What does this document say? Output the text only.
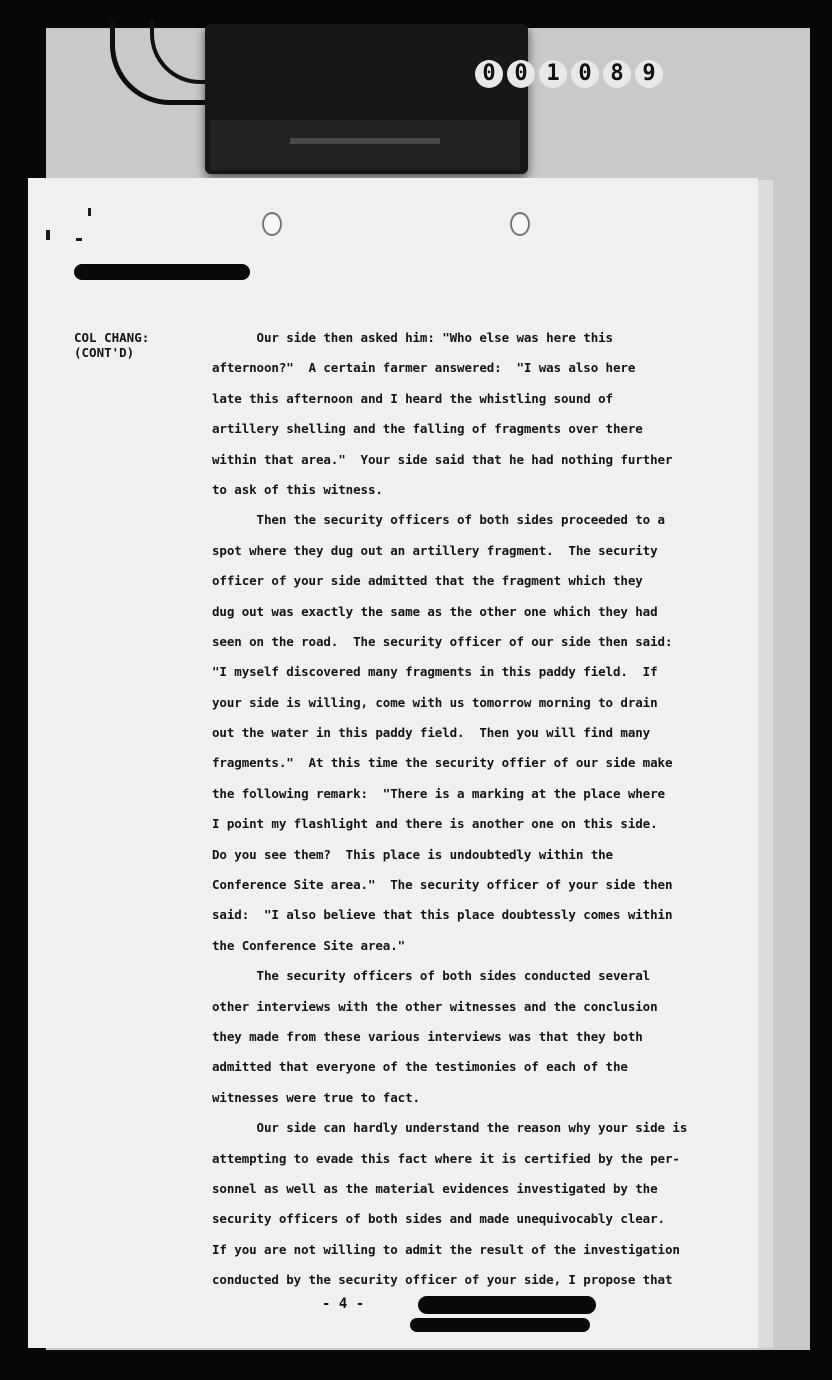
0 0 1 0 8 9
COL CHANG:
(CONT'D)
Our side then asked him: "Who else was here this
afternoon?"  A certain farmer answered:  "I was also here
late this afternoon and I heard the whistling sound of
artillery shelling and the falling of fragments over there
within that area."  Your side said that he had nothing further
to ask of this witness.
Then the security officers of both sides proceeded to a
spot where they dug out an artillery fragment.  The security
officer of your side admitted that the fragment which they
dug out was exactly the same as the other one which they had
seen on the road.  The security officer of our side then said:
"I myself discovered many fragments in this paddy field.  If
your side is willing, come with us tomorrow morning to drain
out the water in this paddy field.  Then you will find many
fragments."  At this time the security offier of our side make
the following remark:  "There is a marking at the place where
I point my flashlight and there is another one on this side.
Do you see them?  This place is undoubtedly within the
Conference Site area."  The security officer of your side then
said:  "I also believe that this place doubtessly comes within
the Conference Site area."
The security officers of both sides conducted several
other interviews with the other witnesses and the conclusion
they made from these various interviews was that they both
admitted that everyone of the testimonies of each of the
witnesses were true to fact.
Our side can hardly understand the reason why your side is
attempting to evade this fact where it is certified by the per-
sonnel as well as the material evidences investigated by the
security officers of both sides and made unequivocably clear.
If you are not willing to admit the result of the investigation
conducted by the security officer of your side, I propose that
- 4 -
